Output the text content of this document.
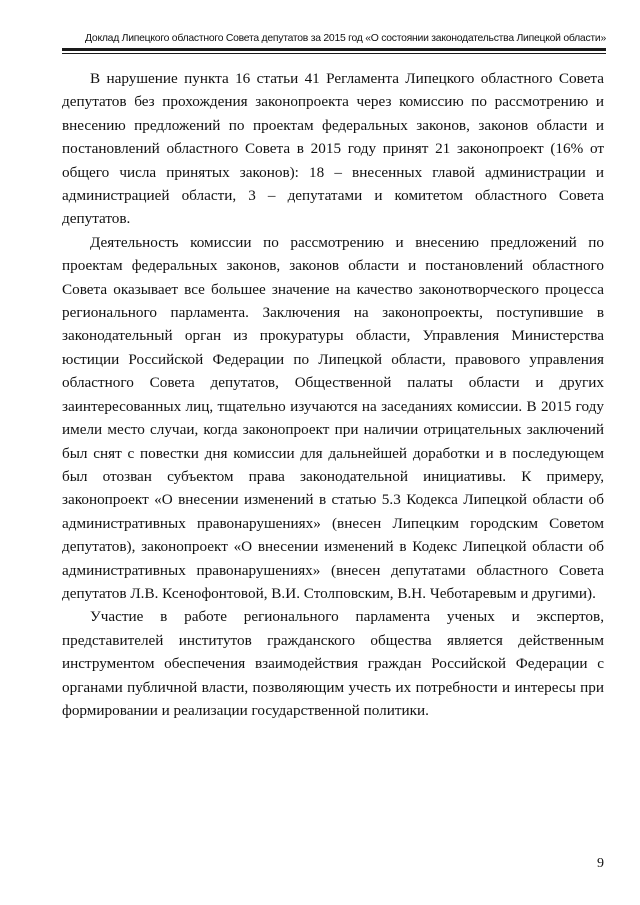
Доклад Липецкого областного Совета депутатов за 2015 год «О состоянии законодательства Липецкой области»

В нарушение пункта 16 статьи 41 Регламента Липецкого областного Совета депутатов без прохождения законопроекта через комиссию по рассмотрению и внесению предложений по проектам федеральных законов, законов области и постановлений областного Совета в 2015 году принят 21 законопроект (16% от общего числа принятых законов): 18 – внесенных главой администрации и администрацией области, 3 – депутатами и комитетом областного Совета депутатов.

Деятельность комиссии по рассмотрению и внесению предложений по проектам федеральных законов, законов области и постановлений областного Совета оказывает все большее значение на качество законотворческого процесса регионального парламента. Заключения на законопроекты, поступившие в законодательный орган из прокуратуры области, Управления Министерства юстиции Российской Федерации по Липецкой области, правового управления областного Совета депутатов, Общественной палаты области и других заинтересованных лиц, тщательно изучаются на заседаниях комиссии. В 2015 году имели место случаи, когда законопроект при наличии отрицательных заключений был снят с повестки дня комиссии для дальнейшей доработки и в последующем был отозван субъектом права законодательной инициативы. К примеру, законопроект «О внесении изменений в статью 5.3 Кодекса Липецкой области об административных правонарушениях» (внесен Липецким городским Советом депутатов), законопроект «О внесении изменений в Кодекс Липецкой области об административных правонарушениях» (внесен депутатами областного Совета депутатов Л.В. Ксенофонтовой, В.И. Столповским, В.Н. Чеботаревым и другими).

Участие в работе регионального парламента ученых и экспертов, представителей институтов гражданского общества является действенным инструментом обеспечения взаимодействия граждан Российской Федерации с органами публичной власти, позволяющим учесть их потребности и интересы при формировании и реализации государственной политики.

9
